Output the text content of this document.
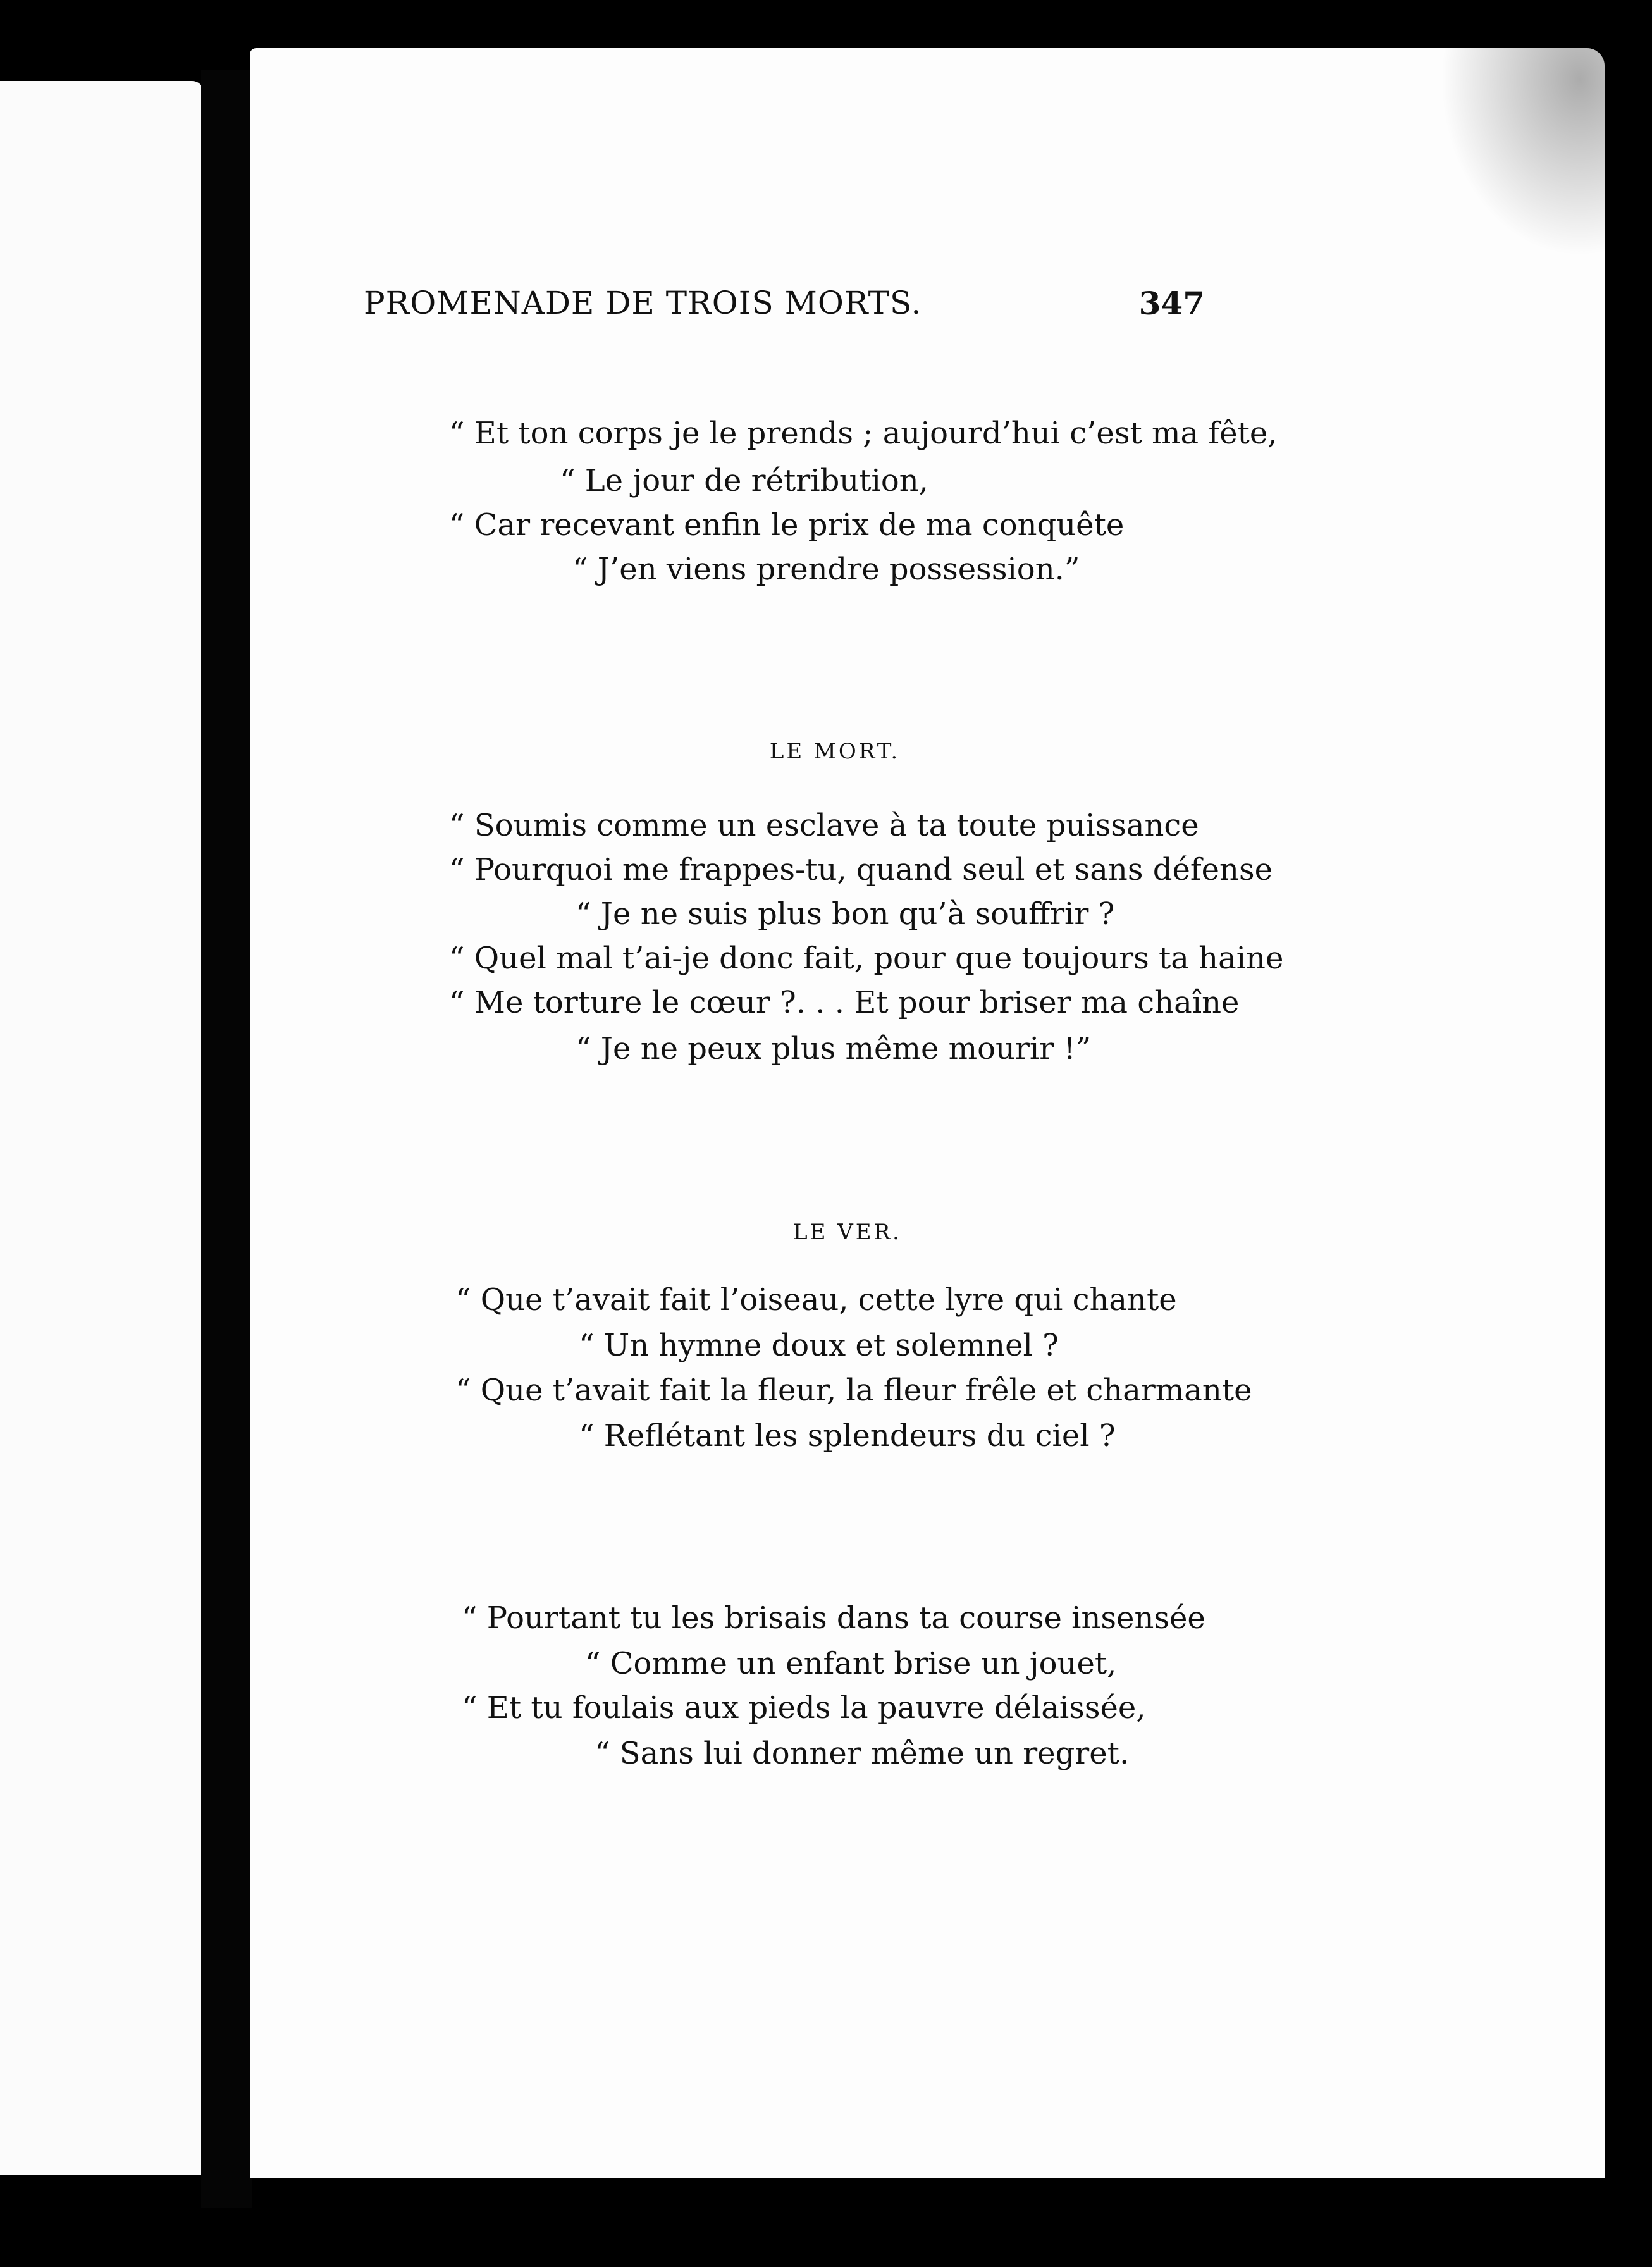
PROMENADE DE TROIS MORTS.	347
“ Et ton corps je le prends ; aujourd’hui c’est ma fête,
“ Le jour de rétribution,
“ Car recevant enfin le prix de ma conquête
“ J’en viens prendre possession.”
LE MORT.
“ Soumis comme un esclave à ta toute puissance
“ Pourquoi me frappes-tu, quand seul et sans défense
“ Je ne suis plus bon qu’à souffrir ?
“ Quel mal t’ai-je donc fait, pour que toujours ta haine
“ Me torture le cœur ?. . . Et pour briser ma chaîne
“ Je ne peux plus même mourir !”
LE VER.
“ Que t’avait fait l’oiseau, cette lyre qui chante
“ Un hymne doux et solemnel ?
“ Que t’avait fait la fleur, la fleur frêle et charmante
“ Reflétant les splendeurs du ciel ?
“ Pourtant tu les brisais dans ta course insensée
“ Comme un enfant brise un jouet,
“ Et tu foulais aux pieds la pauvre délaissée,
“ Sans lui donner même un regret.
